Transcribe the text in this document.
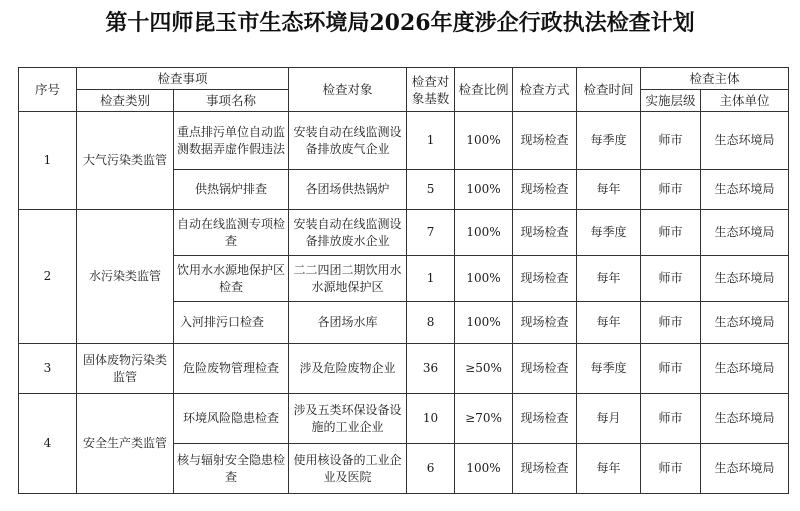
第十四师昆玉市生态环境局2026年度涉企行政执法检查计划
序号	检查事项		检查对象	检查对象基数	检查比例	检查方式	检查时间	检查主体	
	检查类别	事项名称						实施层级	主体单位
1	大气污染类监管	重点排污单位自动监测数据弄虚作假违法	安装自动在线监测设备排放废气企业	1	100%	现场检查	每季度	师市	生态环境局
		供热锅炉排查	各团场供热锅炉	5	100%	现场检查	每年	师市	生态环境局
2	水污染类监管	自动在线监测专项检查	安装自动在线监测设备排放废水企业	7	100%	现场检查	每季度	师市	生态环境局
		饮用水水源地保护区检查	二二四团二期饮用水水源地保护区	1	100%	现场检查	每年	师市	生态环境局
		入河排污口检查	各团场水库	8	100%	现场检查	每年	师市	生态环境局
3	固体废物污染类监管	危险废物管理检查	涉及危险废物企业	36	≥50%	现场检查	每季度	师市	生态环境局
4	安全生产类监管	环境风险隐患检查	涉及五类环保设备设施的工业企业	10	≥70%	现场检查	每月	师市	生态环境局
		核与辐射安全隐患检查	使用核设备的工业企业及医院	6	100%	现场检查	每年	师市	生态环境局
